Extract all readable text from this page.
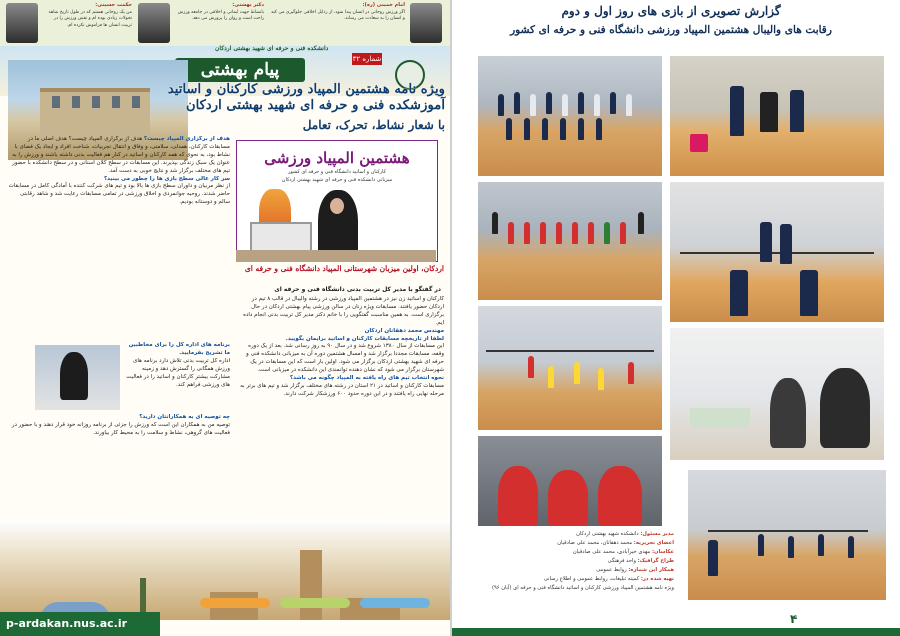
حکمت حسینی:
من یک روحانی هستم که در طول تاریخ شاهد تحولات زیادی بوده ام و نقش ورزش را در تربیت انسان ها فراموش نکرده ام.
دکتر بهشتی:
بانشاط جهت ایمانی و اخلاقی در جامعه ورزش راحت است و روان را پرورش می دهد.
امام خمینی (ره):
اگر ورزش روحانی در انسان پیدا شود، از رذایل اخلاقی جلوگیری می کند و انسان را به سعادت می رساند.
دانشکده فنی و حرفه ای شهید بهشتی اردکان
پیام بهشتی
شماره ۳۲
ویژه نامه هشتمین المپیاد ورزشی کارکنان و اساتید آموزشکده فنی و حرفه ای شهید بهشتی اردکان
با شعار نشاط، تحرک، تعامل
هدف از برگزاری المپیاد چیست؟ هدف از برگزاری المپیاد چیست؟ هدف اصلی ما در مسابقات کارکنان، همدلی، سلامتی، و وفاق و انتقال تجربیات، شناخت افراد و ایجاد یک فضای با نشاط بود، به نحوی که همه کارکنان و اساتید در کنار هم فعالیت بدنی داشته باشند و ورزش را به عنوان یک سبک زندگی بپذیرند. این مسابقات در سطح کلان استانی و در سطح دانشکده با حضور تیم های مختلف برگزار شد و نتایج خوبی به دست آمد.
سر کار عالی سطح بازی ها را چطور می بینید؟
از نظر مربیان و داوران سطح بازی ها بالا بود و تیم های شرکت کننده با آمادگی کامل در مسابقات حاضر شدند. روحیه جوانمردی و اخلاق ورزشی در تمامی مسابقات رعایت شد و شاهد رقابتی سالم و دوستانه بودیم.
برنامه های اداره کل را برای مخاطبین ما تشریح بفرمایید.
اداره کل تربیت بدنی تلاش دارد برنامه های ورزش همگانی را گسترش دهد و زمینه مشارکت بیشتر کارکنان و اساتید را در فعالیت های ورزشی فراهم کند.
چه توصیه ای به همکارانتان دارید؟
توصیه من به همکاران این است که ورزش را جزئی از برنامه روزانه خود قرار دهند و با حضور در فعالیت های گروهی، نشاط و سلامت را به محیط کار بیاورند.
هشتمین المپیاد ورزشی
کارکنان و اساتید دانشگاه فنی و حرفه ای کشور
میزبانی دانشکده فنی و حرفه ای شهید بهشتی اردکان
اردکان، اولین میزبان شهرستانی المپیاد دانشگاه فنی و حرفه ای
در گفتگو با مدیر کل تربیت بدنی دانشگاه فنی و حرفه ای
کارکنان و اساتید زن نیز در هشتمین المپیاد ورزشی در رشته والیبال در قالب ۸ تیم در اردکان حضور یافتند. مسابقات ویژه زنان در سالن ورزشی پیام بهشتی اردکان در حال برگزاری است. به همین مناسبت گفتگویی را با خانم دکتر مدیر کل تربیت بدنی انجام داده ایم.
مهندس محمد دهقانان اردکان
لطفا از تاریخچه مسابقات کارکنان و اساتید برایمان بگویید.
این مسابقات از سال ۱۳۸۰ شروع شد و در سال ۹۰ به روز رسانی شد. بعد از یک دوره وقفه، مسابقات مجددا برگزار شد و امسال هشتمین دوره آن به میزبانی دانشکده فنی و حرفه ای شهید بهشتی اردکان برگزار می شود. اولین بار است که این مسابقات در یک شهرستان برگزار می شود که نشان دهنده توانمندی این دانشکده در میزبانی است.
نحوه انتخاب تیم های راه یافته به المپیاد چگونه می باشد؟
مسابقات کارکنان و اساتید در ۲۱ استان در رشته های مختلف برگزار شد و تیم های برتر به مرحله نهایی راه یافتند و در این دوره حدود ۶۰۰ ورزشکار شرکت دارند.
p-ardakan.nus.ac.ir
گزارش تصویری از بازی های روز اول و دوم
رقابت های والیبال هشتمین المپیاد ورزشی دانشگاه فنی و حرفه ای کشور
مدیر مسئول: دانشکده شهید بهشتی اردکان
اعضای تحریریه: محمد دهقانان، محمد علی صادقیان
عکاسان: مهدی خیرآبادی، محمد علی صادقیان
طراح گرافیک: واحد فرهنگی
همکار این شماره: روابط عمومی
تهیه شده در: کمیته تبلیغات، روابط عمومی و اطلاع رسانی
ویژه نامه هشتمین المپیاد ورزشی کارکنان و اساتید دانشگاه فنی و حرفه ای (آبان ۹۶)
۴
